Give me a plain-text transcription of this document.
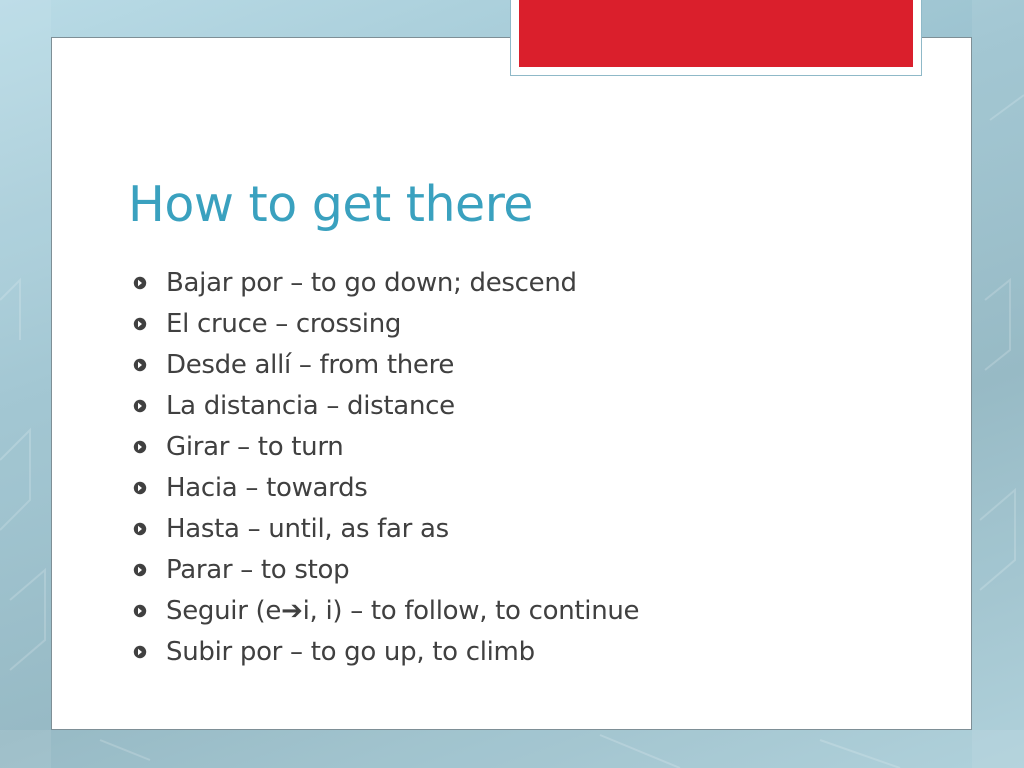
How to get there
Bajar por – to go down; descend
El cruce – crossing
Desde allí – from there
La distancia – distance
Girar – to turn
Hacia – towards
Hasta – until, as far as
Parar – to stop
Seguir (e➔i, i) – to follow, to continue
Subir por – to go up, to climb
